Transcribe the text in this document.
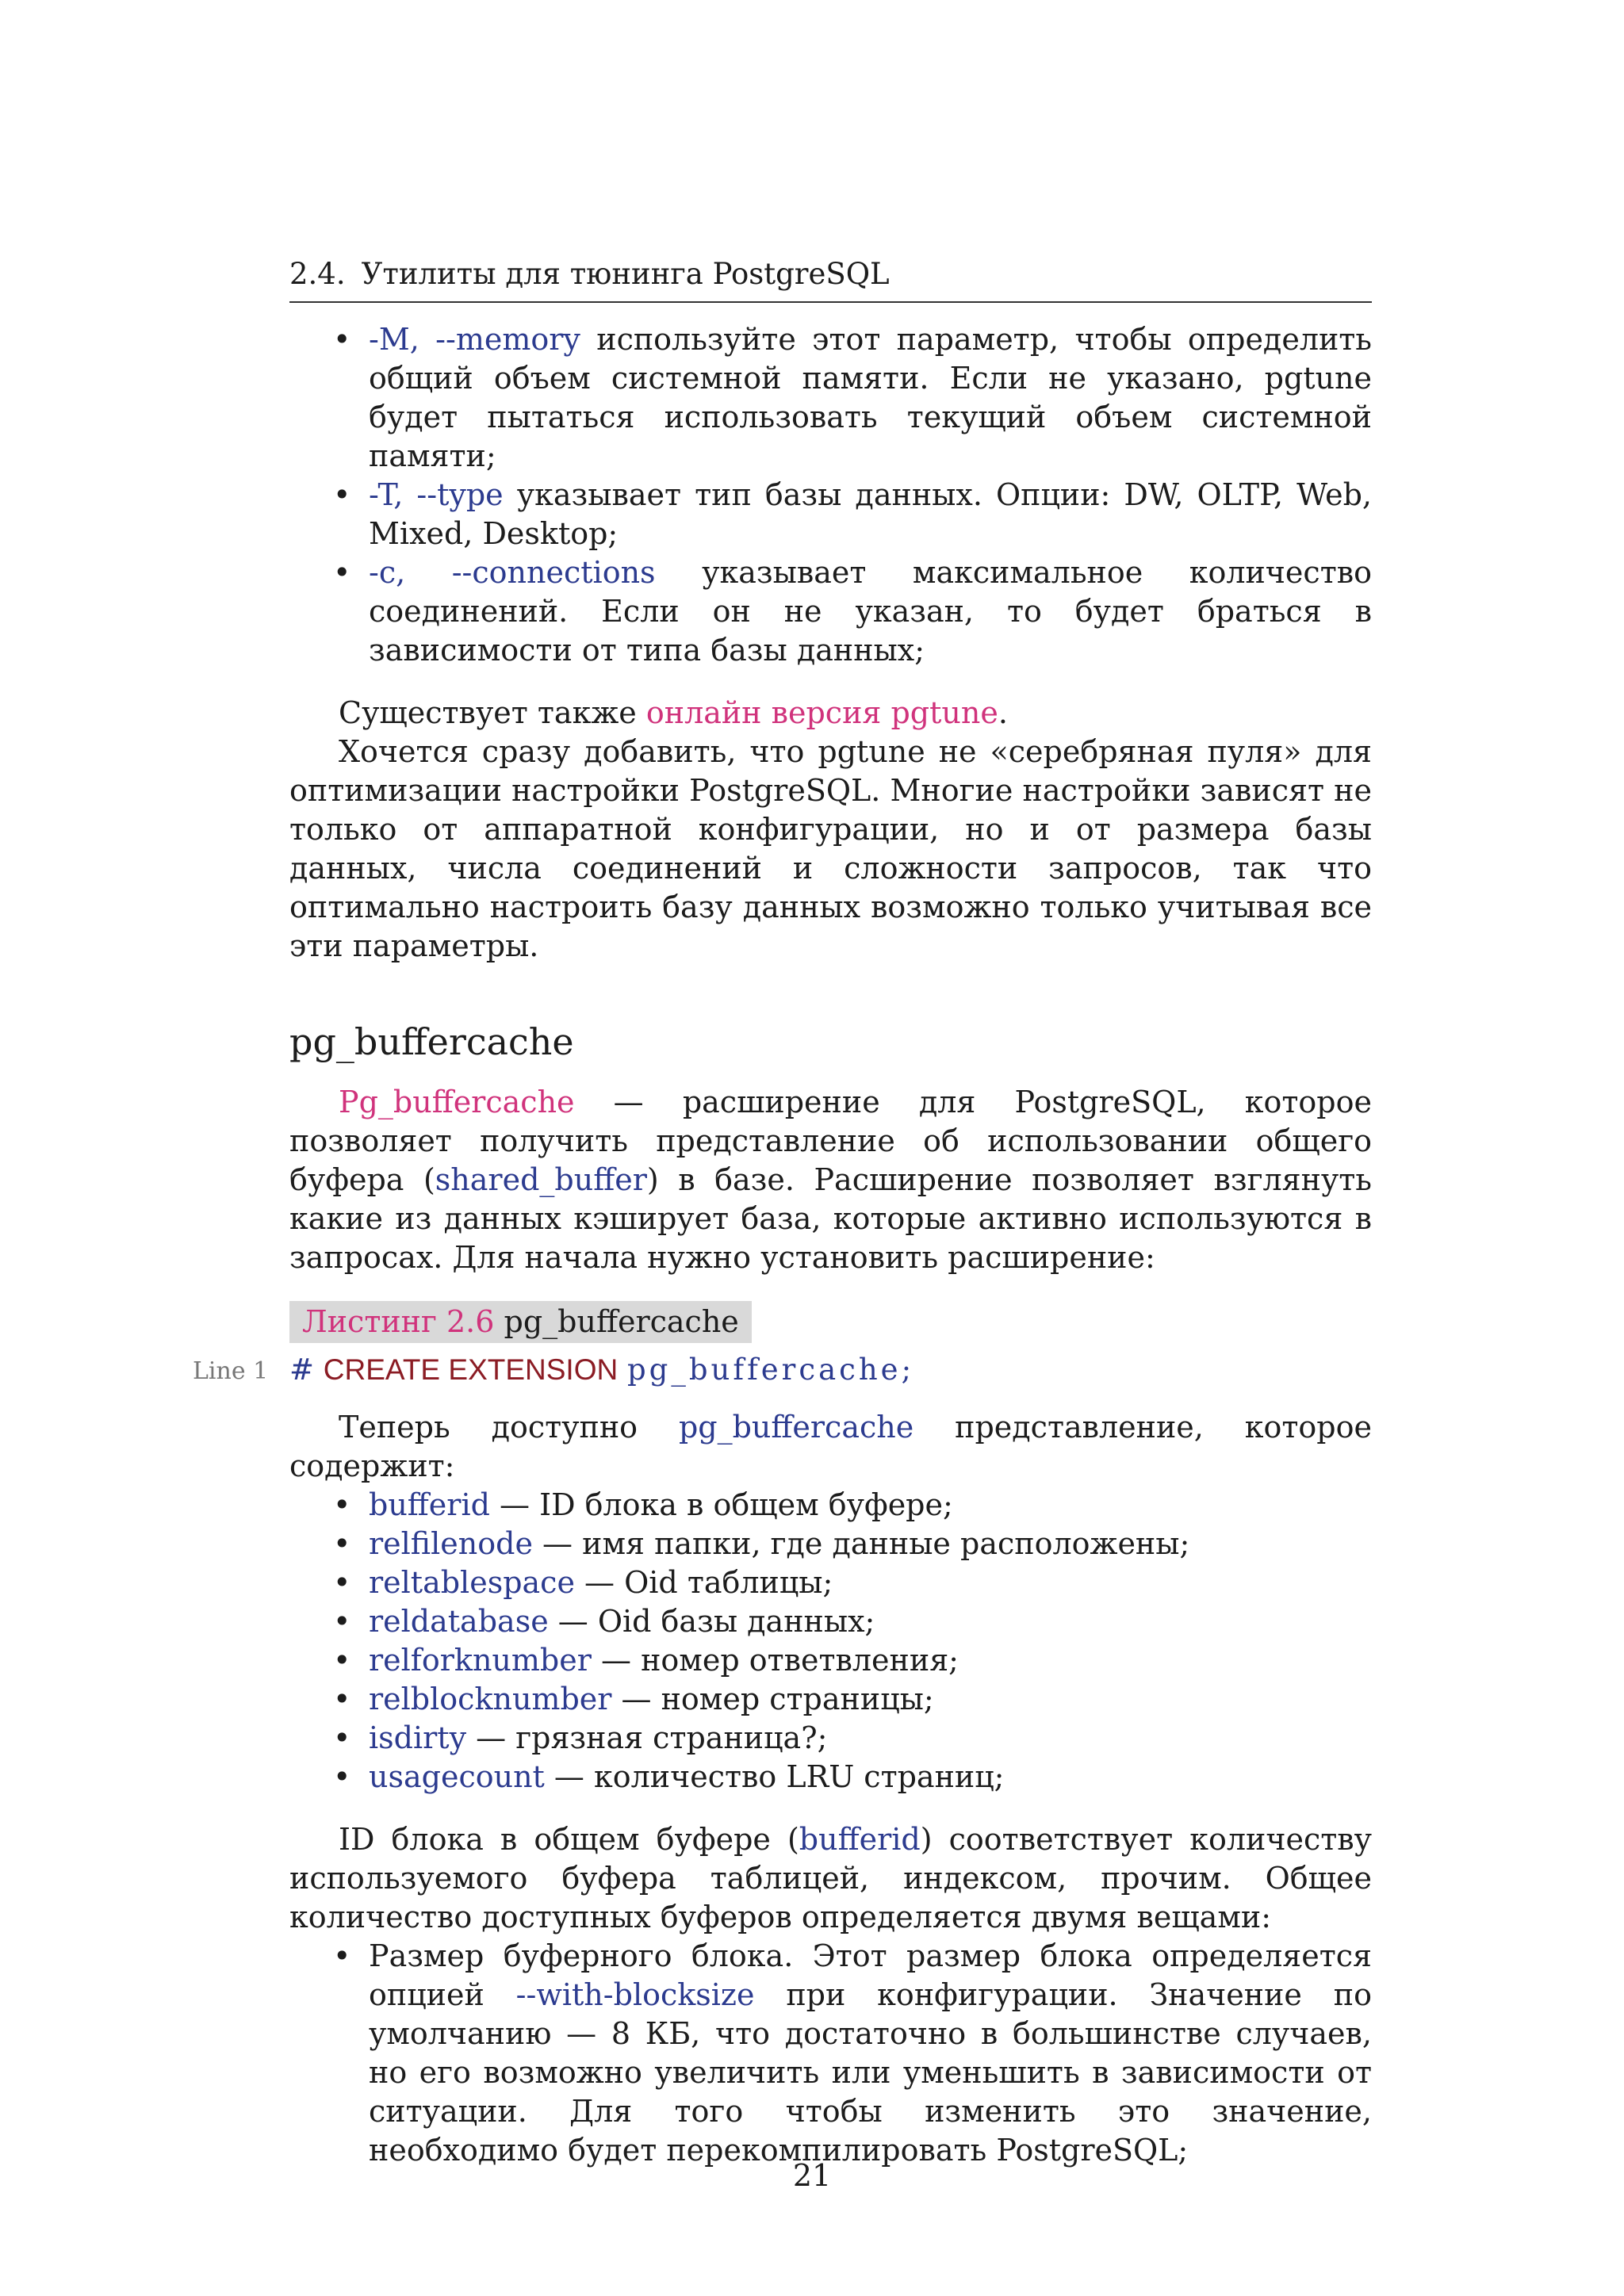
2.4. Утилиты для тюнинга PostgreSQL
• -M, --memory используйте этот параметр, чтобы определить общий объем системной памяти. Если не указано, pgtune будет пытаться использовать текущий объем системной памяти;
• -T, --type указывает тип базы данных. Опции: DW, OLTP, Web, Mixed, Desktop;
• -c, --connections указывает максимальное количество соединений. Если он не указан, то будет браться в зависимости от типа базы данных;

Существует также онлайн версия pgtune.

Хочется сразу добавить, что pgtune не «серебряная пуля» для оптимизации настройки PostgreSQL. Многие настройки зависят не только от аппаратной конфигурации, но и от размера базы данных, числа соединений и сложности запросов, так что оптимально настроить базу данных возможно только учитывая все эти параметры.

pg_buffercache

Pg_buffercache — расширение для PostgreSQL, которое позволяет получить представление об использовании общего буфера (shared_buffer) в базе. Расширение позволяет взглянуть какие из данных кэширует база, которые активно используются в запросах. Для начала нужно установить расширение:

Листинг 2.6 pg_buffercache
Line 1 # CREATE EXTENSION pg_buffercache;

Теперь доступно pg_buffercache представление, которое содержит:

• bufferid — ID блока в общем буфере;
• relfilenode — имя папки, где данные расположены;
• reltablespace — Oid таблицы;
• reldatabase — Oid базы данных;
• relforknumber — номер ответвления;
• relblocknumber — номер страницы;
• isdirty — грязная страница?;
• usagecount — количество LRU страниц;

ID блока в общем буфере (bufferid) соответствует количеству используемого буфера таблицей, индексом, прочим. Общее количество доступных буферов определяется двумя вещами:

• Размер буферного блока. Этот размер блока определяется опцией --with-blocksize при конфигурации. Значение по умолчанию — 8 КБ, что достаточно в большинстве случаев, но его возможно увеличить или уменьшить в зависимости от ситуации. Для того чтобы изменить это значение, необходимо будет перекомпилировать PostgreSQL;
21
